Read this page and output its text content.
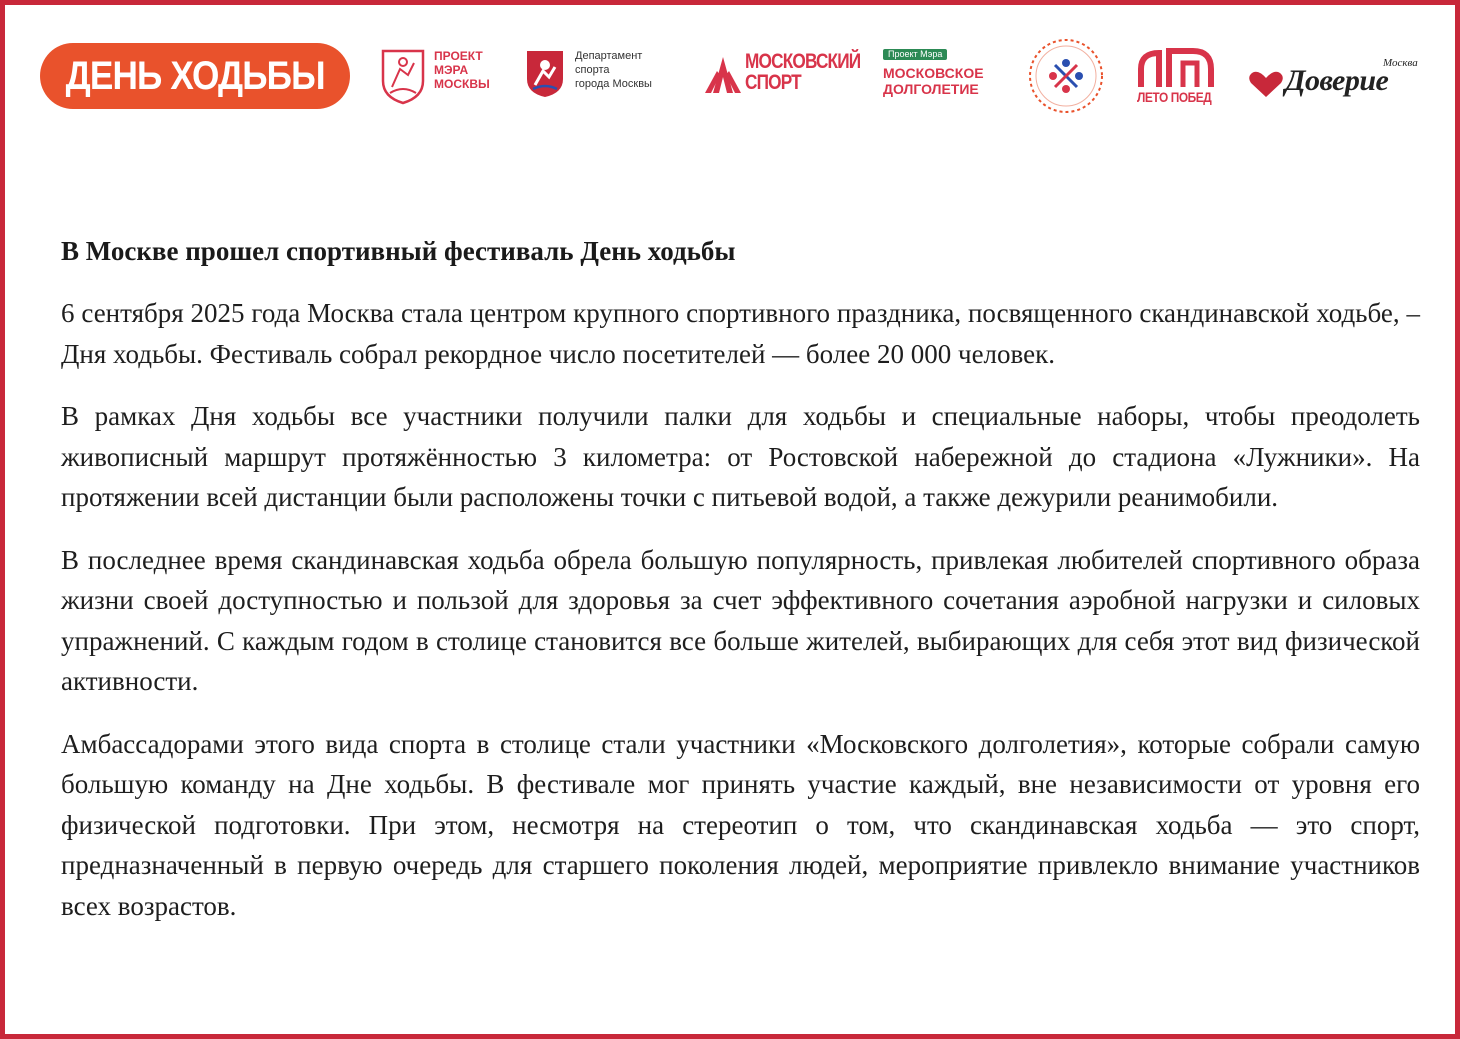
ДЕНЬ ХОДЬБЫ	ПРОЕКТ
МЭРА
МОСКВЫ
Департамент
спорта
города Москвы
МОСКОВСКИЙ
СПОРТ
Проект Мэра
МОСКОВСКОЕ
ДОЛГОЛЕТИЕ	ЛЕТО ПОБЕД
Москва
Доверие
В Москве прошел спортивный фестиваль День ходьбы

6 сентября 2025 года Москва стала центром крупного спортивного праздника, посвященного скандинавской ходьбе, – Дня ходьбы. Фестиваль собрал рекордное число посетителей — более 20 000 человек.

В рамках Дня ходьбы все участники получили палки для ходьбы и специальные наборы, чтобы преодолеть живописный маршрут протяжённостью 3 километра: от Ростовской набережной до стадиона «Лужники». На протяжении всей дистанции были расположены точки с питьевой водой, а также дежурили реанимобили.

В последнее время скандинавская ходьба обрела большую популярность, привлекая любителей спортивного образа жизни своей доступностью и пользой для здоровья за счет эффективного сочетания аэробной нагрузки и силовых упражнений. С каждым годом в столице становится все больше жителей, выбирающих для себя этот вид физической активности.

Амбассадорами этого вида спорта в столице стали участники «Московского долголетия», которые собрали самую большую команду на Дне ходьбы. В фестивале мог принять участие каждый, вне независимости от уровня его физической подготовки. При этом, несмотря на стереотип о том, что скандинавская ходьба — это спорт, предназначенный в первую очередь для старшего поколения людей, мероприятие привлекло внимание участников всех возрастов.
